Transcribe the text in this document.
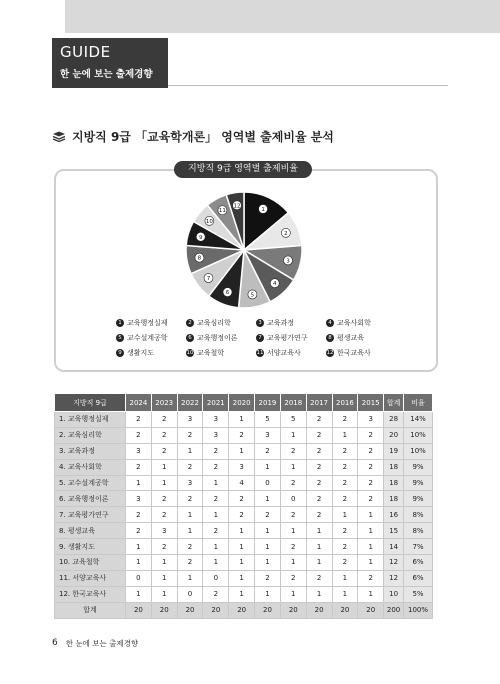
GUIDE
한 눈에 보는 출제경향
지방직 9급 「교육학개론」 영역별 출제비율 분석
지방직 9급 영역별 출제비율
1
2
3
4
5
6
7
8
9
10
11
12
1 교육행정실제	2 교육심리학	3 교육과정	4 교육사회학
5 교수설계공학	6 교육행정이론	7 교육평가연구	8 평생교육
9 생활지도	10 교육철학	11 서양교육사	12 한국교육사
지방직 9급	2024	2023	2022	2021	2020	2019	2018	2017	2016	2015	합계	비율
1. 교육행정실제	2	2	3	3	1	5	5	2	2	3	28	14%
2. 교육심리학	2	2	2	3	2	3	1	2	1	2	20	10%
3. 교육과정	3	2	1	2	1	2	2	2	2	2	19	10%
4. 교육사회학	2	1	2	2	3	1	1	2	2	2	18	9%
5. 교수설계공학	1	1	3	1	4	0	2	2	2	2	18	9%
6. 교육행정이론	3	2	2	2	2	1	0	2	2	2	18	9%
7. 교육평가연구	2	2	1	1	2	2	2	2	1	1	16	8%
8. 평생교육	2	3	1	2	1	1	1	1	2	1	15	8%
9. 생활지도	1	2	2	1	1	1	2	1	2	1	14	7%
10. 교육철학	1	1	2	1	1	1	1	1	2	1	12	6%
11. 서양교육사	0	1	1	0	1	2	2	2	1	2	12	6%
12. 한국교육사	1	1	0	2	1	1	1	1	1	1	10	5%
합계	20	20	20	20	20	20	20	20	20	20	200	100%
6 한 눈에 보는 출제경향
